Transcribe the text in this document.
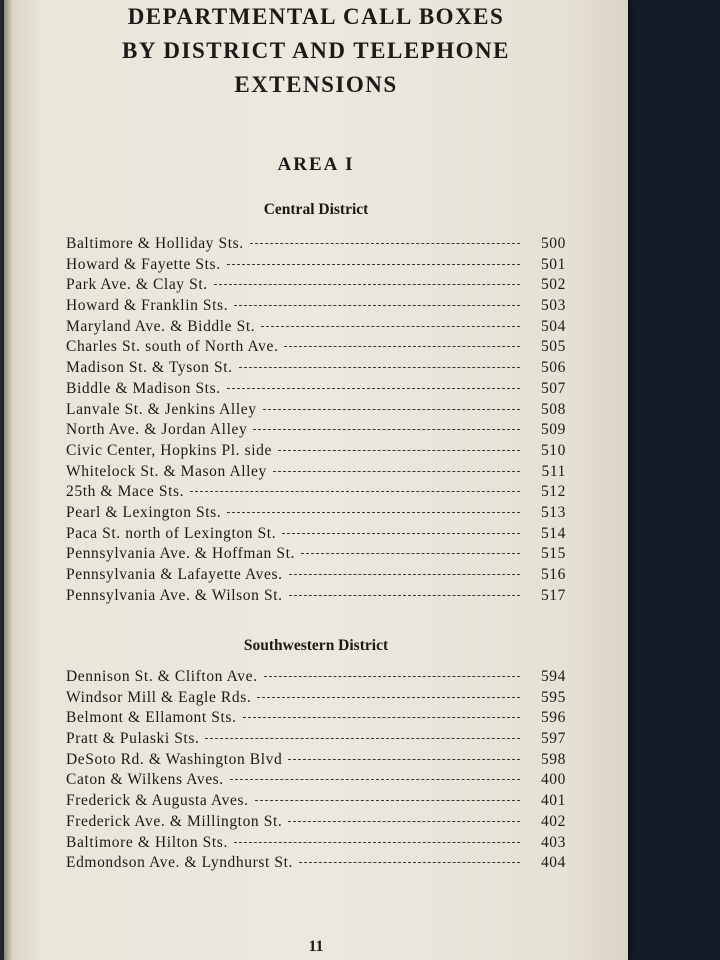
DEPARTMENTAL CALL BOXES
BY DISTRICT AND TELEPHONE
EXTENSIONS
AREA I
Central District
Baltimore & Holliday Sts.	500
Howard & Fayette Sts.	501
Park Ave. & Clay St.	502
Howard & Franklin Sts.	503
Maryland Ave. & Biddle St.	504
Charles St. south of North Ave.	505
Madison St. & Tyson St.	506
Biddle & Madison Sts.	507
Lanvale St. & Jenkins Alley	508
North Ave. & Jordan Alley	509
Civic Center, Hopkins Pl. side	510
Whitelock St. & Mason Alley	511
25th & Mace Sts.	512
Pearl & Lexington Sts.	513
Paca St. north of Lexington St.	514
Pennsylvania Ave. & Hoffman St.	515
Pennsylvania & Lafayette Aves.	516
Pennsylvania Ave. & Wilson St.	517
Southwestern District
Dennison St. & Clifton Ave.	594
Windsor Mill & Eagle Rds.	595
Belmont & Ellamont Sts.	596
Pratt & Pulaski Sts.	597
DeSoto Rd. & Washington Blvd	598
Caton & Wilkens Aves.	400
Frederick & Augusta Aves.	401
Frederick Ave. & Millington St.	402
Baltimore & Hilton Sts.	403
Edmondson Ave. & Lyndhurst St.	404
11
